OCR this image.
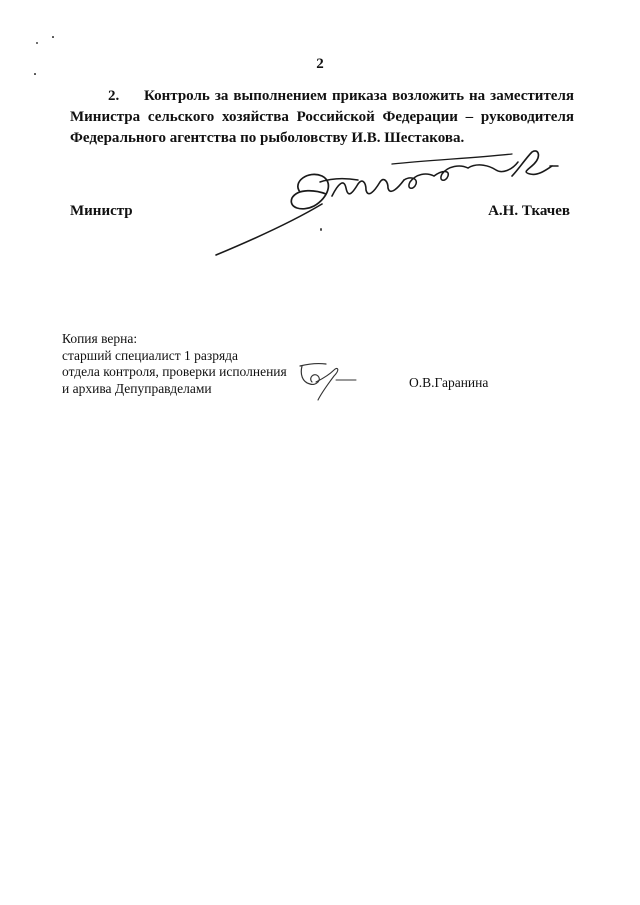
2
2. Контроль за выполнением приказа возложить на заместителя
Министра сельского хозяйства Российской Федерации – руководителя
Федерального агентства по рыболовству И.В. Шестакова.
Министр	А.Н. Ткачев
Копия верна:
старший специалист 1 разряда
отдела контроля, проверки исполнения
и архива Депуправделами	О.В.Гаранина
